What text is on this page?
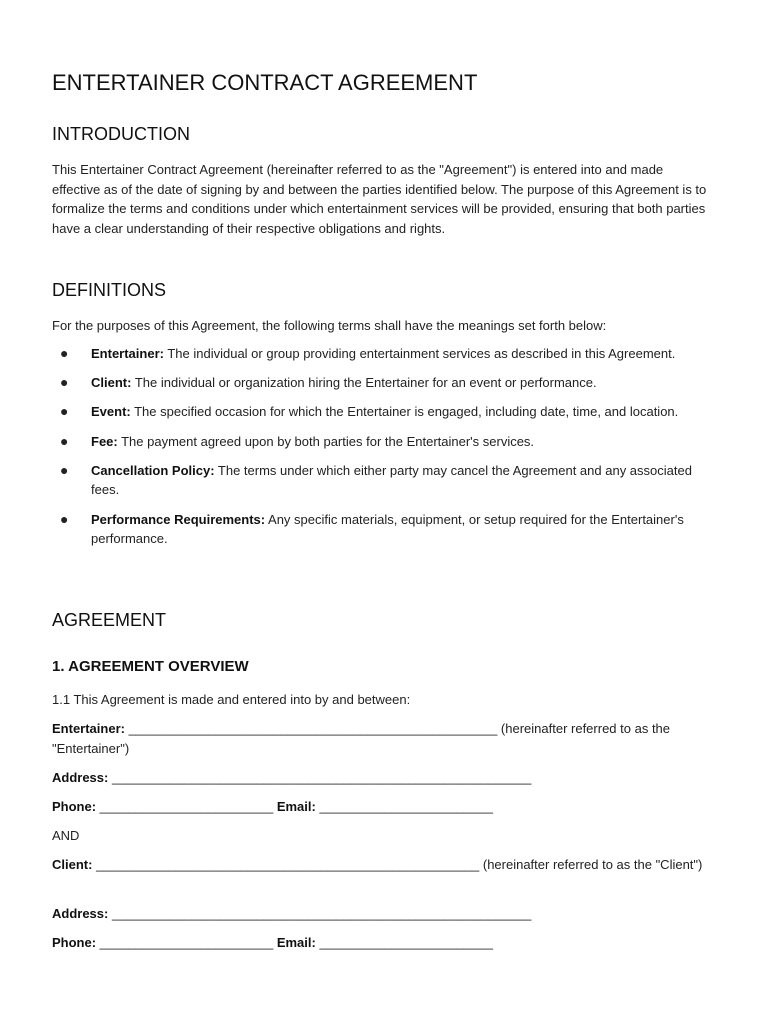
ENTERTAINER CONTRACT AGREEMENT
INTRODUCTION

This Entertainer Contract Agreement (hereinafter referred to as the "Agreement") is entered into and made effective as of the date of signing by and between the parties identified below. The purpose of this Agreement is to formalize the terms and conditions under which entertainment services will be provided, ensuring that both parties have a clear understanding of their respective obligations and rights.

DEFINITIONS

For the purposes of this Agreement, the following terms shall have the meanings set forth below:

● Entertainer: The individual or group providing entertainment services as described in this Agreement.
● Client: The individual or organization hiring the Entertainer for an event or performance.
● Event: The specified occasion for which the Entertainer is engaged, including date, time, and location.
● Fee: The payment agreed upon by both parties for the Entertainer's services.
● Cancellation Policy: The terms under which either party may cancel the Agreement and any associated fees.
● Performance Requirements: Any specific materials, equipment, or setup required for the Entertainer's performance.
AGREEMENT
1. AGREEMENT OVERVIEW

1.1 This Agreement is made and entered into by and between:

Entertainer: ___________________________________________________ (hereinafter referred to as the "Entertainer")

Address: __________________________________________________________

Phone: ________________________ Email: ________________________

AND

Client: _____________________________________________________ (hereinafter referred to as the "Client")

Address: __________________________________________________________

Phone: ________________________ Email: ________________________
